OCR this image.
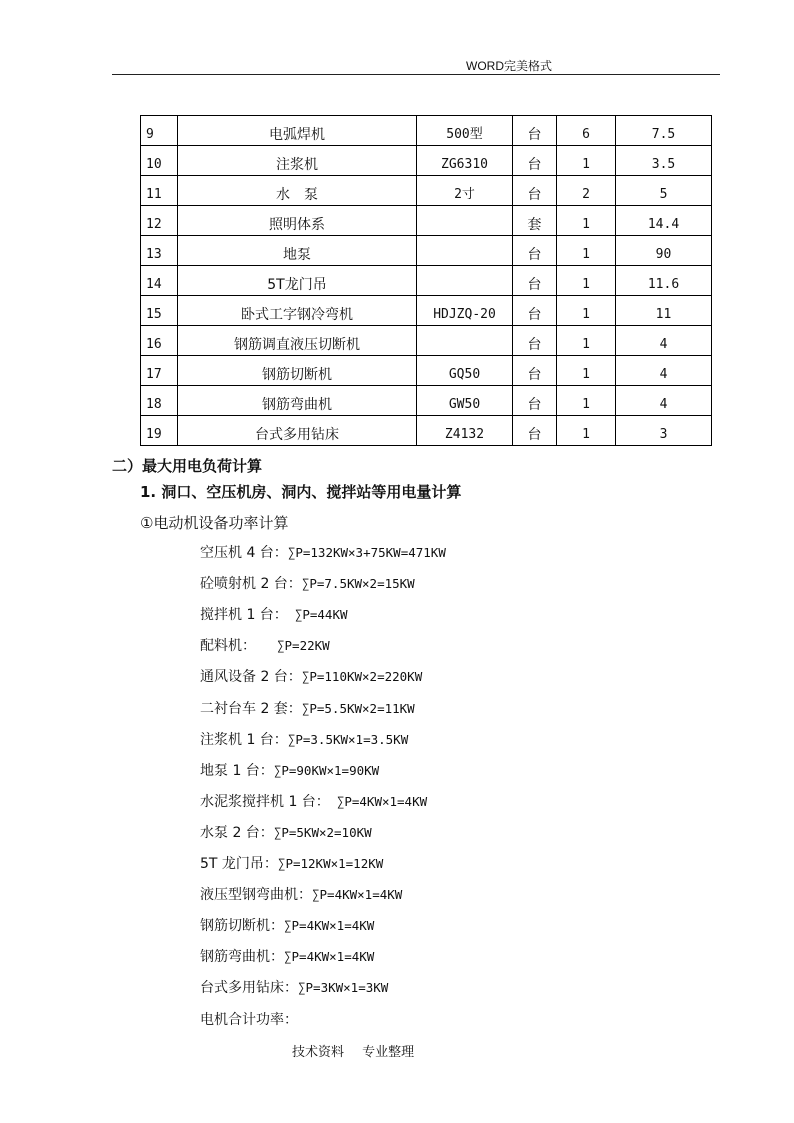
WORD完美格式
9	电弧焊机	500型	台	6	7.5
10	注浆机	ZG6310	台	1	3.5
11	水　泵	2寸	台	2	5
12	照明体系		套	1	14.4
13	地泵		台	1	90
14	5T龙门吊		台	1	11.6
15	卧式工字钢冷弯机	HDJZQ-20	台	1	11
16	钢筋调直液压切断机		台	1	4
17	钢筋切断机	GQ50	台	1	4
18	钢筋弯曲机	GW50	台	1	4
19	台式多用钻床	Z4132	台	1	3
二）最大用电负荷计算
1. 洞口、空压机房、洞内、搅拌站等用电量计算
①电动机设备功率计算
空压机 4 台：∑P=132KW×3+75KW=471KW
砼喷射机 2 台：∑P=7.5KW×2=15KW
搅拌机 1 台：　∑P=44KW
配料机：　　∑P=22KW
通风设备 2 台：∑P=110KW×2=220KW
二衬台车 2 套：∑P=5.5KW×2=11KW
注浆机 1 台：∑P=3.5KW×1=3.5KW
地泵 1 台：∑P=90KW×1=90KW
水泥浆搅拌机 1 台：　∑P=4KW×1=4KW
水泵 2 台：∑P=5KW×2=10KW
5T 龙门吊：∑P=12KW×1=12KW
液压型钢弯曲机：∑P=4KW×1=4KW
钢筋切断机：∑P=4KW×1=4KW
钢筋弯曲机：∑P=4KW×1=4KW
台式多用钻床：∑P=3KW×1=3KW
电机合计功率：
技术资料 专业整理
